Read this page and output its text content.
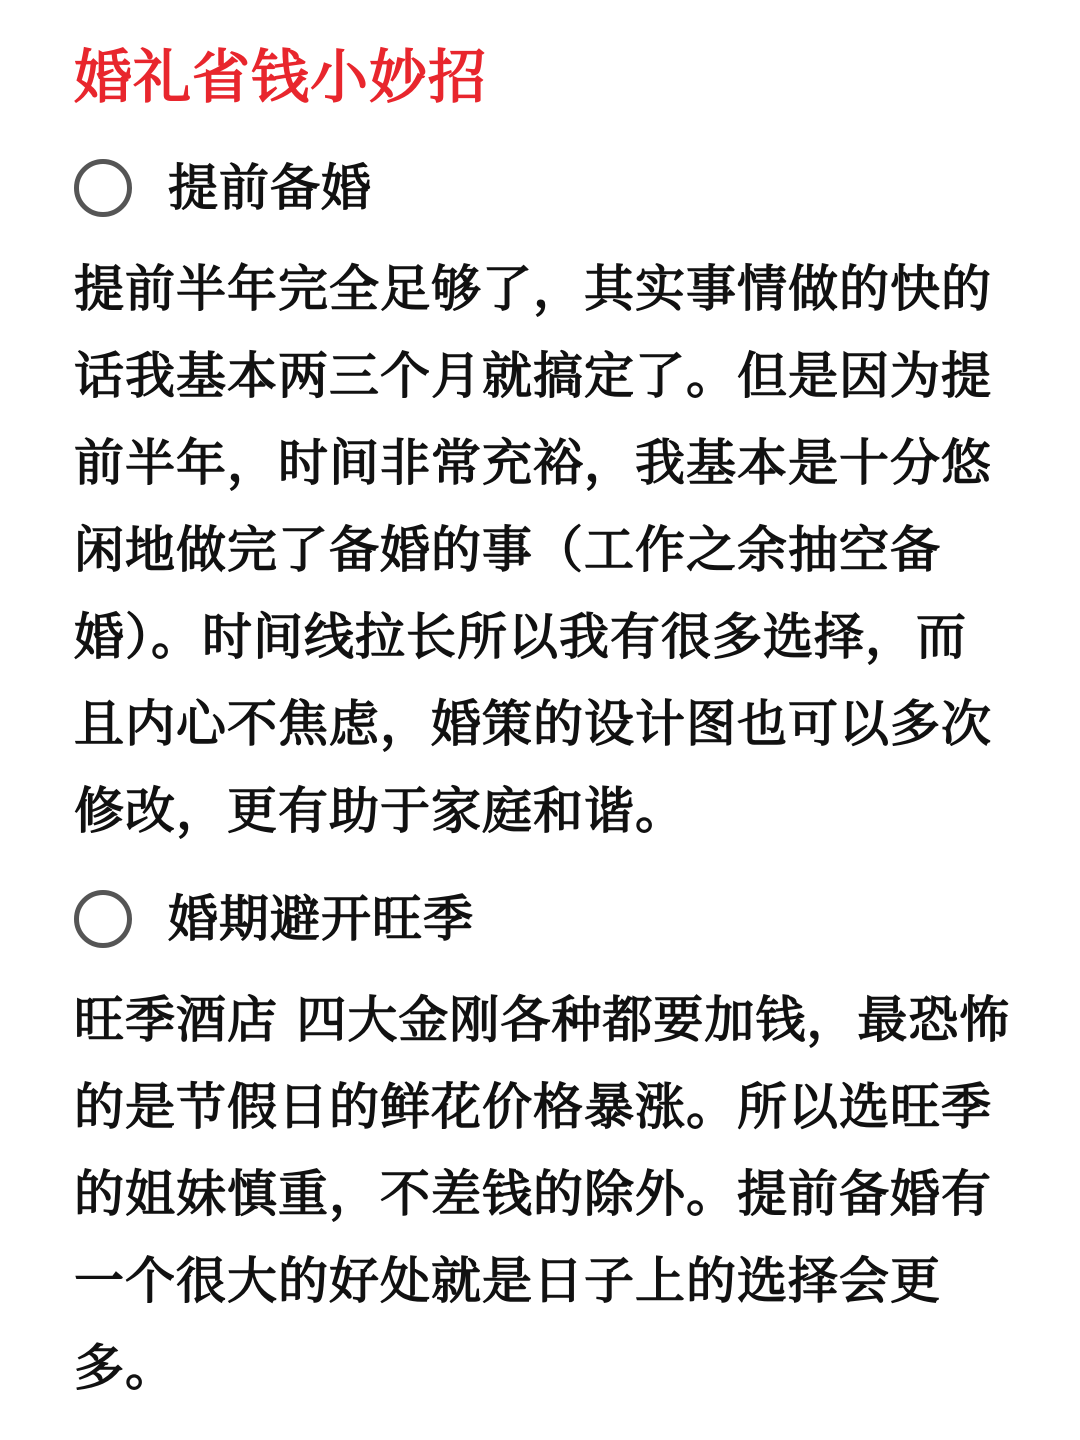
婚礼省钱小妙招
提前备婚

提前半年完全足够了，其实事情做的快的话我基本两三个月就搞定了。但是因为提前半年，时间非常充裕，我基本是十分悠闲地做完了备婚的事（工作之余抽空备婚）。时间线拉长所以我有很多选择，而且内心不焦虑，婚策的设计图也可以多次修改，更有助于家庭和谐。

婚期避开旺季

旺季酒店 四大金刚各种都要加钱，最恐怖的是节假日的鲜花价格暴涨。所以选旺季的姐妹慎重，不差钱的除外。提前备婚有一个很大的好处就是日子上的选择会更多。
